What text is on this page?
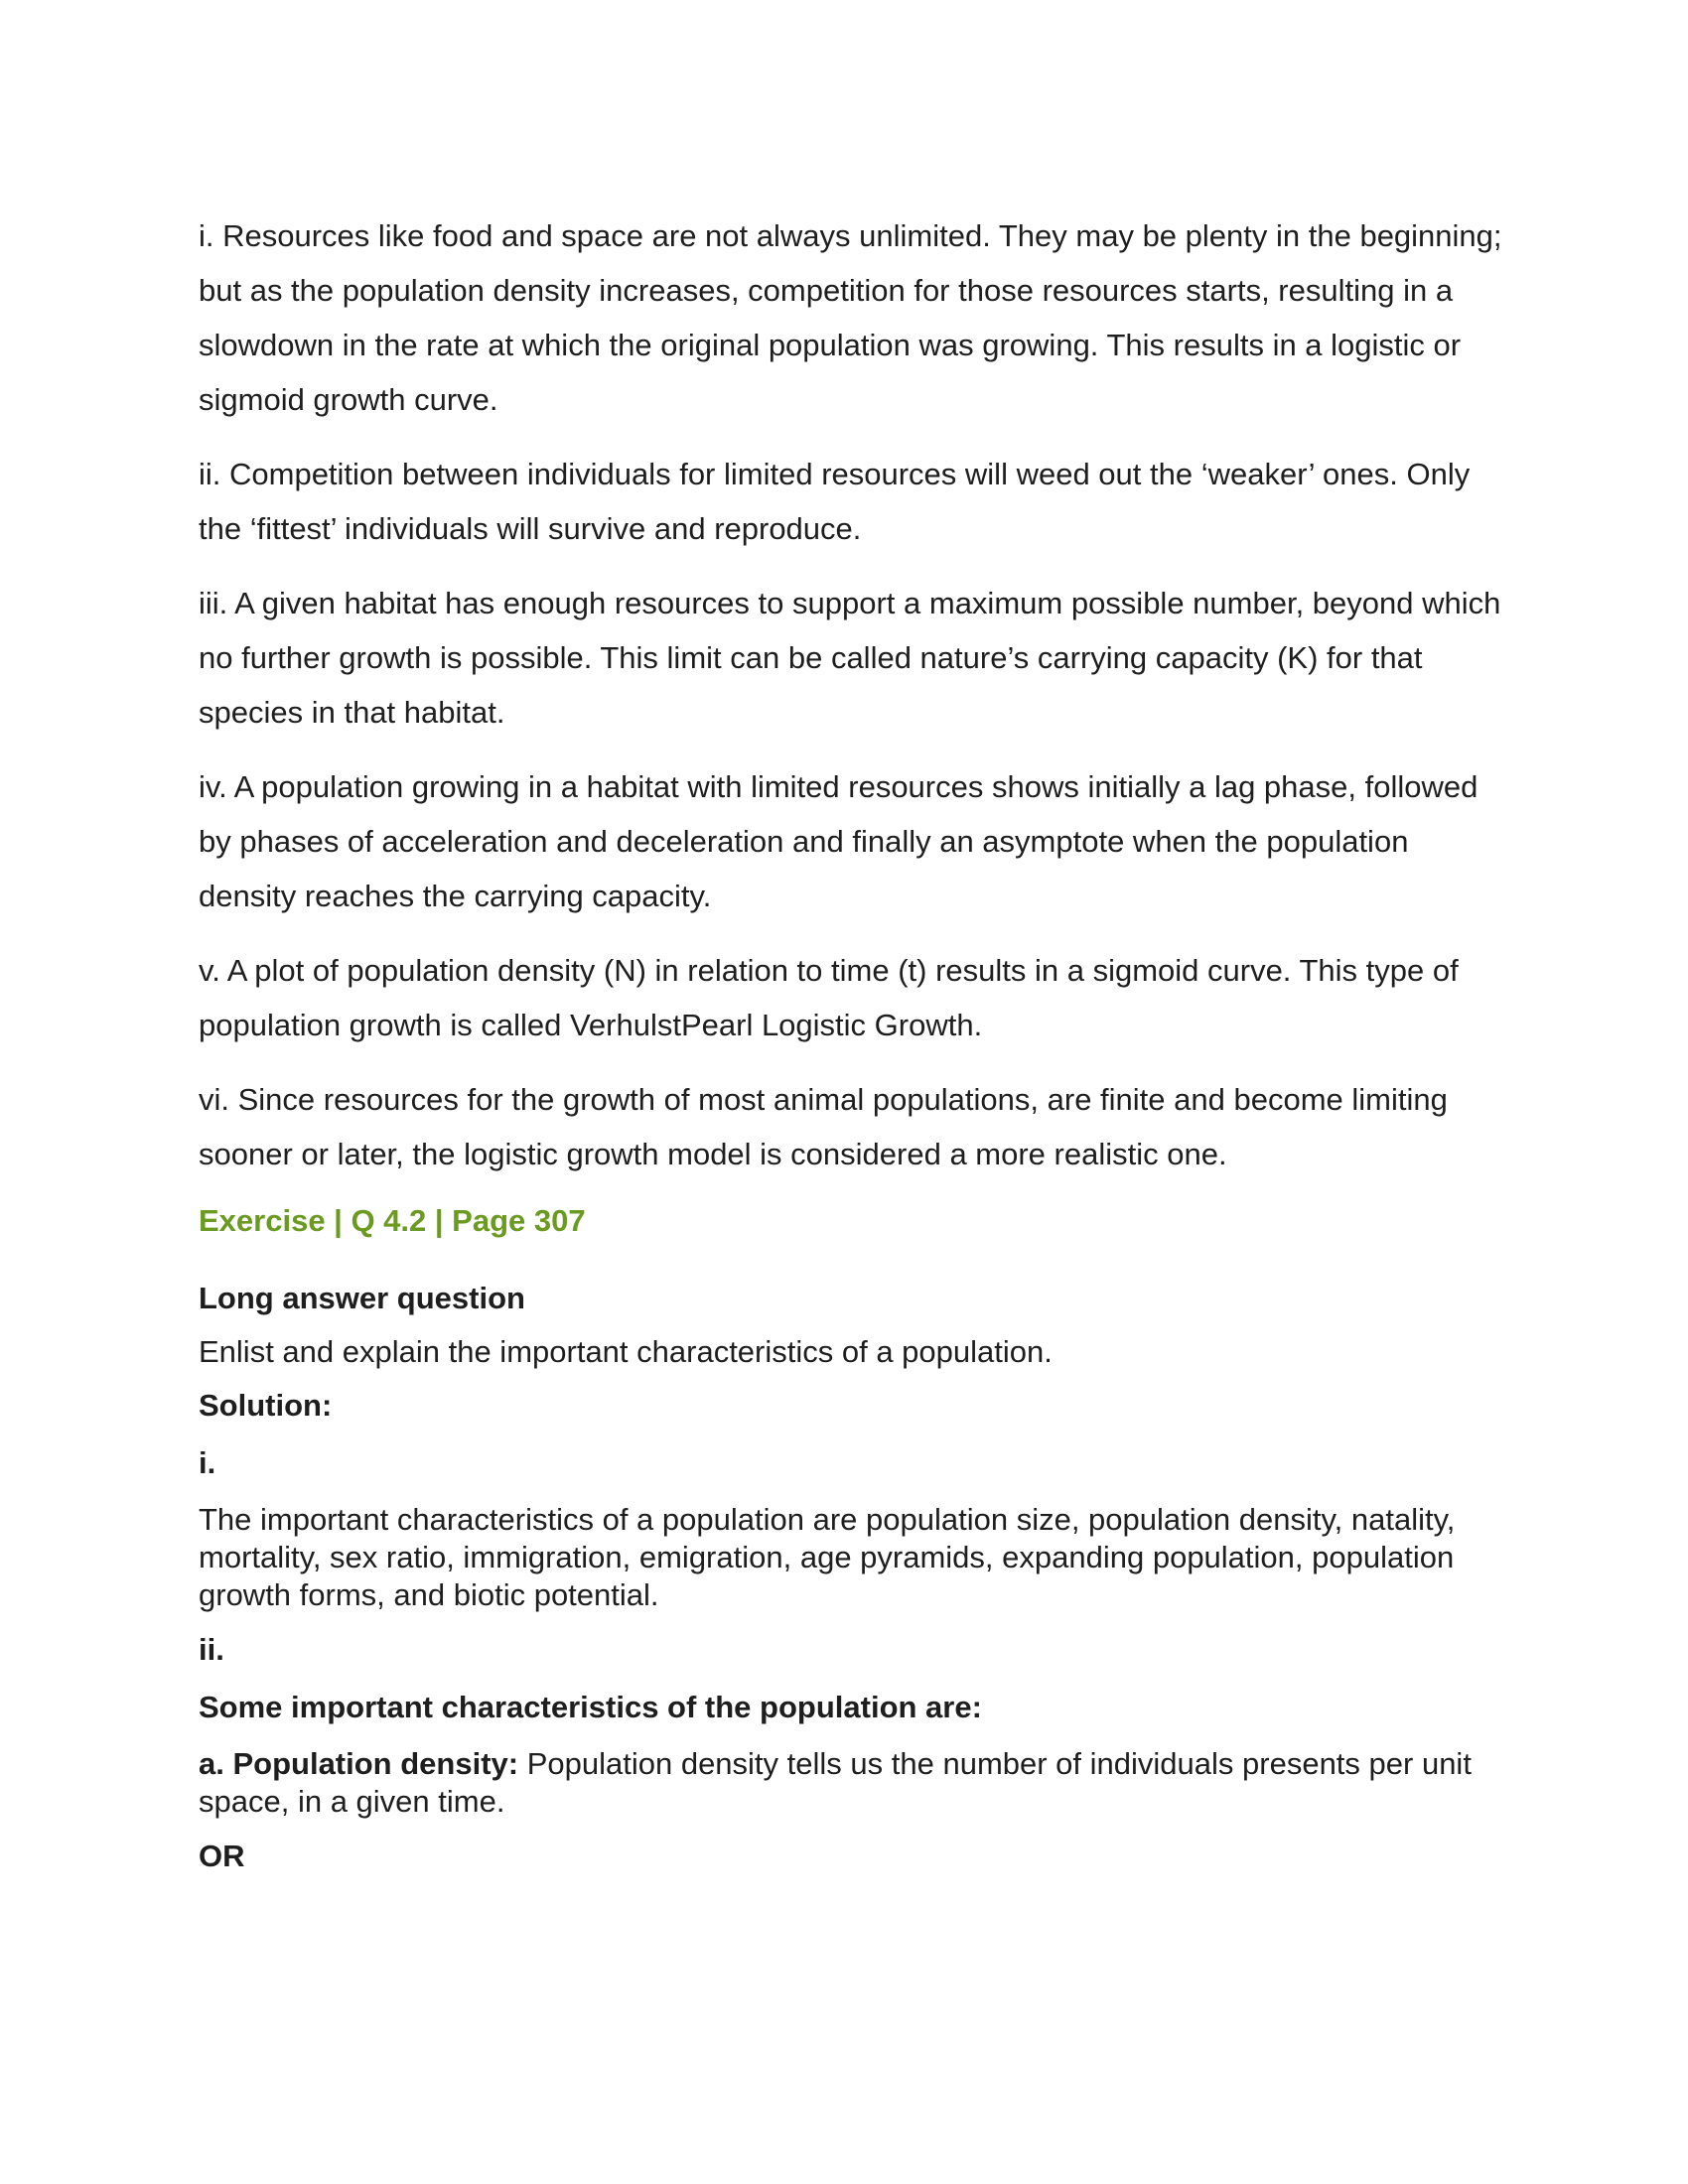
i. Resources like food and space are not always unlimited. They may be plenty in the beginning; but as the population density increases, competition for those resources starts, resulting in a slowdown in the rate at which the original population was growing. This results in a logistic or sigmoid growth curve.

ii. Competition between individuals for limited resources will weed out the ‘weaker’ ones. Only the ‘fittest’ individuals will survive and reproduce.

iii. A given habitat has enough resources to support a maximum possible number, beyond which no further growth is possible. This limit can be called nature’s carrying capacity (K) for that species in that habitat.

iv. A population growing in a habitat with limited resources shows initially a lag phase, followed by phases of acceleration and deceleration and finally an asymptote when the population density reaches the carrying capacity.

v. A plot of population density (N) in relation to time (t) results in a sigmoid curve. This type of population growth is called VerhulstPearl Logistic Growth.

vi. Since resources for the growth of most animal populations, are finite and become limiting sooner or later, the logistic growth model is considered a more realistic one.

Exercise | Q 4.2 | Page 307
Long answer question
Enlist and explain the important characteristics of a population.
Solution:
i.

The important characteristics of a population are population size, population density, natality, mortality, sex ratio, immigration, emigration, age pyramids, expanding population, population growth forms, and biotic potential.

ii.
Some important characteristics of the population are:

a. Population density: Population density tells us the number of individuals presents per unit space, in a given time.

OR
